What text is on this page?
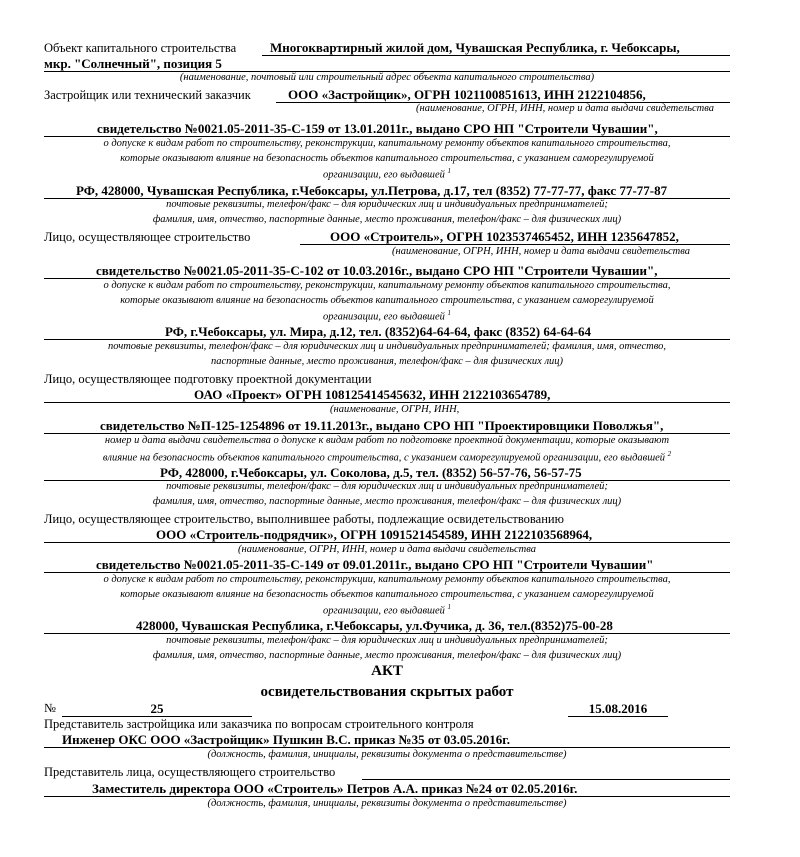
Объект капитального строительства	Многоквартирный жилой дом, Чувашская Республика, г. Чебоксары,
мкр. "Солнечный", позиция 5
(наименование, почтовый или строительный адрес объекта капитального строительства)
Застройщик или технический заказчик	ООО «Застройщик», ОГРН 1021100851613, ИНН 2122104856,
(наименование, ОГРН, ИНН, номер и дата выдачи свидетельства
свидетельство №0021.05-2011-35-С-159 от 13.01.2011г., выдано СРО НП "Строители Чувашии",
о допуске к видам работ по строительству, реконструкции, капитальному ремонту объектов капитального строительства,
которые оказывают влияние на безопасность объектов капитального строительства, с указанием саморегулируемой
организации, его выдавшей $^1$
РФ, 428000, Чувашская Республика, г.Чебоксары, ул.Петрова, д.17, тел (8352) 77-77-77, факс 77-77-87
почтовые реквизиты, телефон/факс – для юридических лиц и индивидуальных предпринимателей;
фамилия, имя, отчество, паспортные данные, место проживания, телефон/факс – для физических лиц)
Лицо, осуществляющее строительство	ООО «Строитель», ОГРН 1023537465452, ИНН 1235647852,
(наименование, ОГРН, ИНН, номер и дата выдачи свидетельства
свидетельство №0021.05-2011-35-С-102 от 10.03.2016г., выдано СРО НП "Строители Чувашии",
о допуске к видам работ по строительству, реконструкции, капитальному ремонту объектов капитального строительства,
которые оказывают влияние на безопасность объектов капитального строительства, с указанием саморегулируемой
организации, его выдавшей $^1$
РФ, г.Чебоксары, ул. Мира, д.12, тел. (8352)64-64-64, факс (8352) 64-64-64
почтовые реквизиты, телефон/факс – для юридических лиц и индивидуальных предпринимателей; фамилия, имя, отчество,
паспортные данные, место проживания, телефон/факс – для физических лиц)
Лицо, осуществляющее подготовку проектной документации
ОАО «Проект» ОГРН 108125414545632, ИНН 2122103654789,
(наименование, ОГРН, ИНН,
свидетельство №П-125-1254896 от 19.11.2013г., выдано СРО НП "Проектировщики Поволжья",
номер и дата выдачи свидетельства о допуске к видам работ по подготовке проектной документации, которые оказывают
влияние на безопасность объектов капитального строительства, с указанием саморегулируемой организации, его выдавшей $^2$
РФ, 428000, г.Чебоксары, ул. Соколова, д.5, тел. (8352) 56-57-76, 56-57-75
почтовые реквизиты, телефон/факс – для юридических лиц и индивидуальных предпринимателей;
фамилия, имя, отчество, паспортные данные, место проживания, телефон/факс – для физических лиц)
Лицо, осуществляющее строительство, выполнившее работы, подлежащие освидетельствованию
ООО «Строитель-подрядчик», ОГРН 1091521454589, ИНН 2122103568964,
(наименование, ОГРН, ИНН, номер и дата выдачи свидетельства
свидетельство №0021.05-2011-35-С-149 от 09.01.2011г., выдано СРО НП "Строители Чувашии"
о допуске к видам работ по строительству, реконструкции, капитальному ремонту объектов капитального строительства,
которые оказывают влияние на безопасность объектов капитального строительства, с указанием саморегулируемой
организации, его выдавшей $^1$
428000, Чувашская Республика, г.Чебоксары, ул.Фучика, д. 36, тел.(8352)75-00-28
почтовые реквизиты, телефон/факс – для юридических лиц и индивидуальных предпринимателей;
фамилия, имя, отчество, паспортные данные, место проживания, телефон/факс – для физических лиц)
АКТ
освидетельствования скрытых работ
№	25	15.08.2016
Представитель застройщика или заказчика по вопросам строительного контроля
Инженер ОКС ООО «Застройщик» Пушкин В.С. приказ №35 от 03.05.2016г.
(должность, фамилия, инициалы, реквизиты документа о представительстве)
Представитель лица, осуществляющего строительство
Заместитель директора ООО «Строитель» Петров А.А. приказ №24 от 02.05.2016г.
(должность, фамилия, инициалы, реквизиты документа о представительстве)
